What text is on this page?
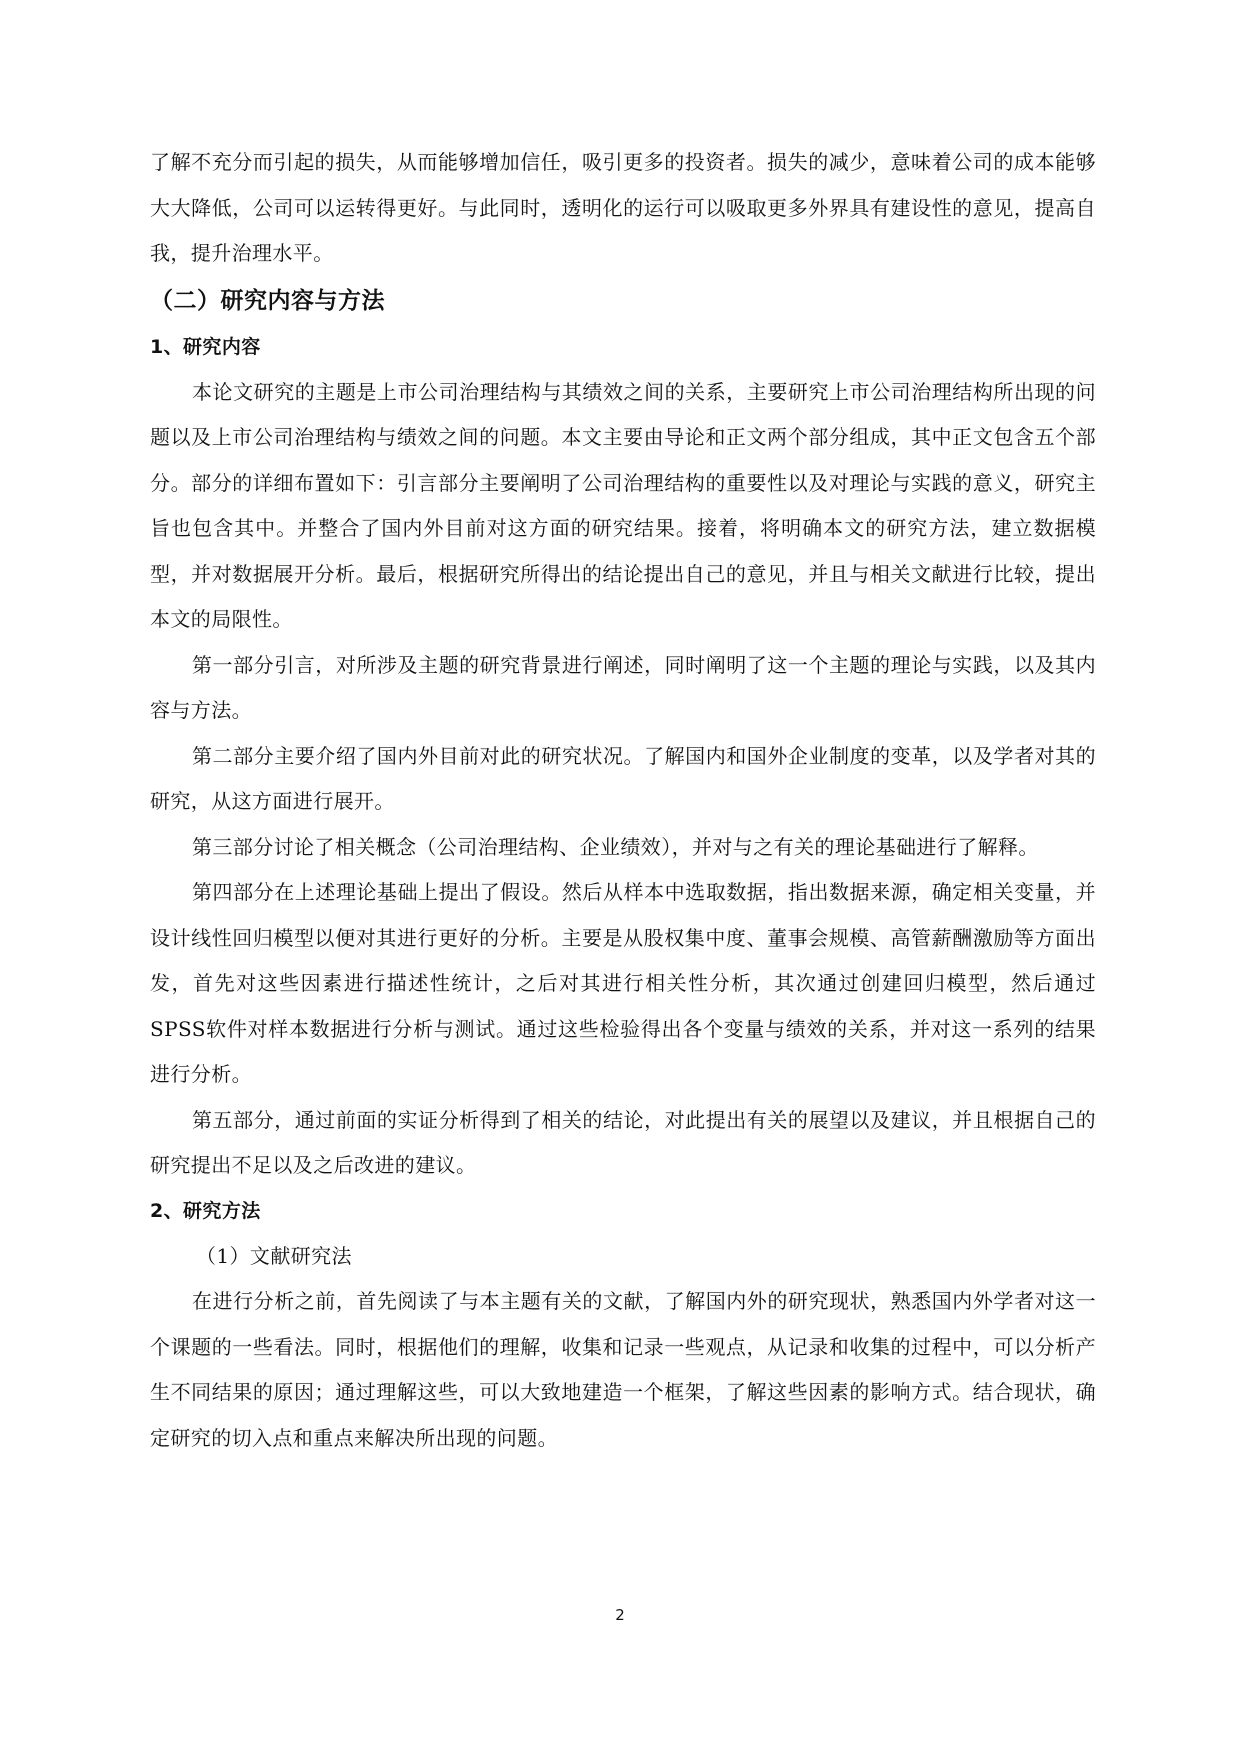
了解不充分而引起的损失，从而能够增加信任，吸引更多的投资者。损失的减少，意味着公司的成本能够大大降低，公司可以运转得更好。与此同时，透明化的运行可以吸取更多外界具有建设性的意见，提高自我，提升治理水平。

（二）研究内容与方法
1、研究内容

本论文研究的主题是上市公司治理结构与其绩效之间的关系，主要研究上市公司治理结构所出现的问题以及上市公司治理结构与绩效之间的问题。本文主要由导论和正文两个部分组成，其中正文包含五个部分。部分的详细布置如下：引言部分主要阐明了公司治理结构的重要性以及对理论与实践的意义，研究主旨也包含其中。并整合了国内外目前对这方面的研究结果。接着，将明确本文的研究方法，建立数据模型，并对数据展开分析。最后，根据研究所得出的结论提出自己的意见，并且与相关文献进行比较，提出本文的局限性。

第一部分引言，对所涉及主题的研究背景进行阐述，同时阐明了这一个主题的理论与实践，以及其内容与方法。

第二部分主要介绍了国内外目前对此的研究状况。了解国内和国外企业制度的变革，以及学者对其的研究，从这方面进行展开。

第三部分讨论了相关概念（公司治理结构、企业绩效），并对与之有关的理论基础进行了解释。

第四部分在上述理论基础上提出了假设。然后从样本中选取数据，指出数据来源，确定相关变量，并设计线性回归模型以便对其进行更好的分析。主要是从股权集中度、董事会规模、高管薪酬激励等方面出发，首先对这些因素进行描述性统计，之后对其进行相关性分析，其次通过创建回归模型，然后通过SPSS软件对样本数据进行分析与测试。通过这些检验得出各个变量与绩效的关系，并对这一系列的结果进行分析。

第五部分，通过前面的实证分析得到了相关的结论，对此提出有关的展望以及建议，并且根据自己的研究提出不足以及之后改进的建议。

2、研究方法

（1）文献研究法

在进行分析之前，首先阅读了与本主题有关的文献，了解国内外的研究现状，熟悉国内外学者对这一个课题的一些看法。同时，根据他们的理解，收集和记录一些观点，从记录和收集的过程中，可以分析产生不同结果的原因；通过理解这些，可以大致地建造一个框架，了解这些因素的影响方式。结合现状，确定研究的切入点和重点来解决所出现的问题。

2
